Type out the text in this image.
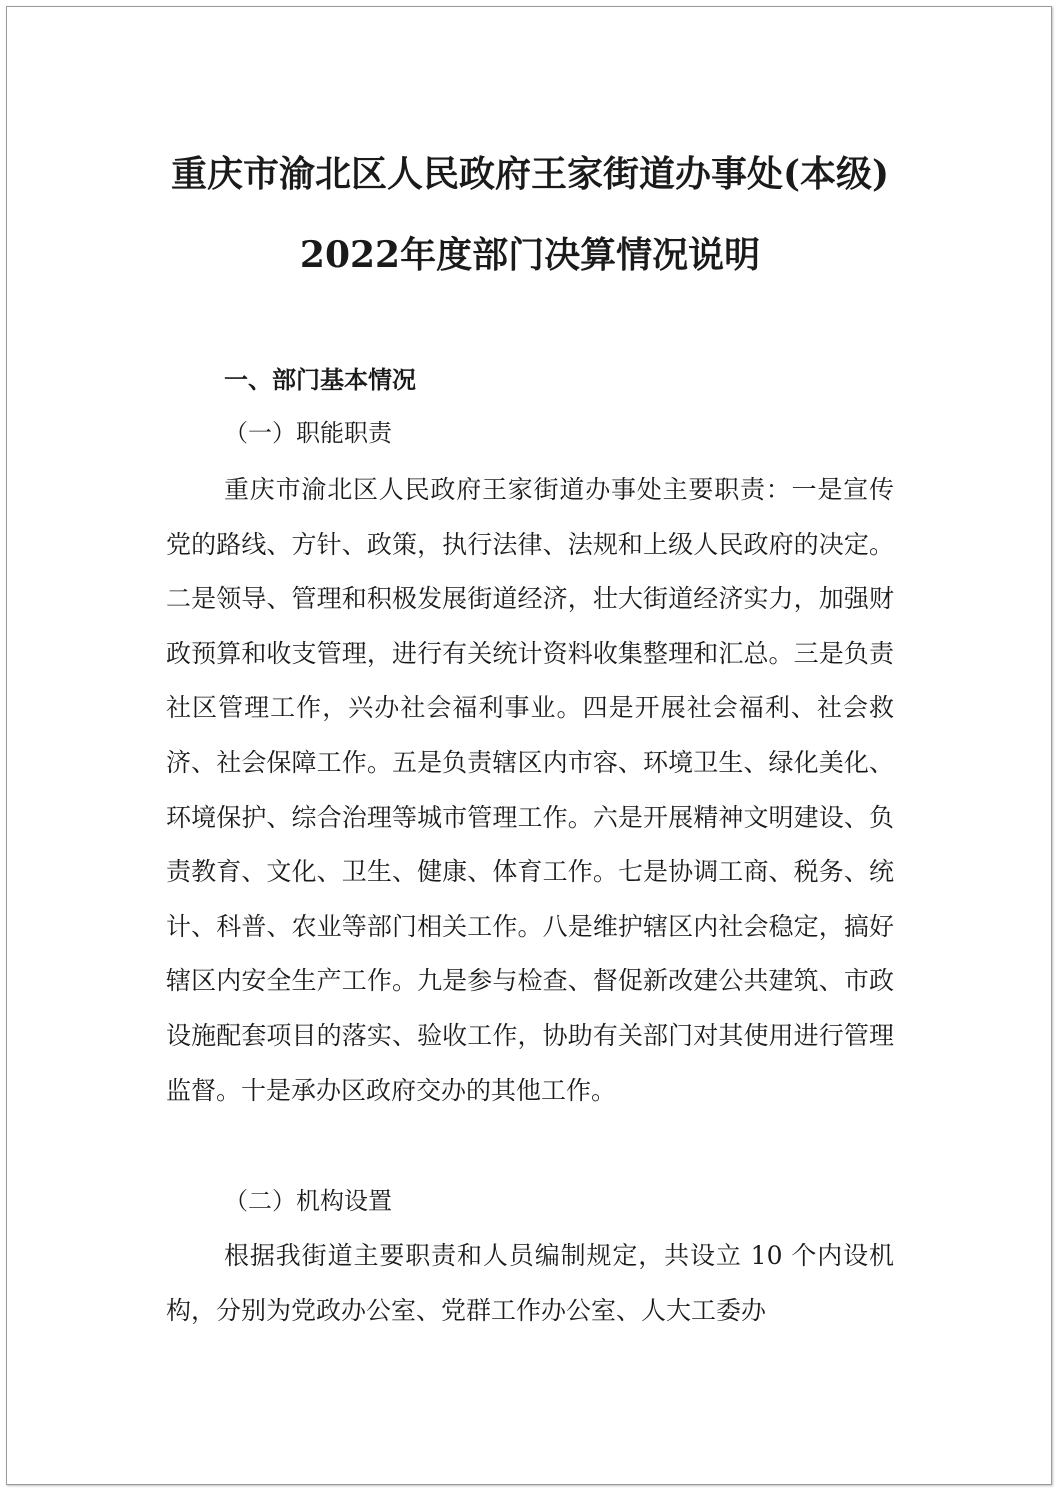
重庆市渝北区人民政府王家街道办事处(本级)
2022年度部门决算情况说明
一、部门基本情况
（一）职能职责

重庆市渝北区人民政府王家街道办事处主要职责：一是宣传党的路线、方针、政策，执行法律、法规和上级人民政府的决定。二是领导、管理和积极发展街道经济，壮大街道经济实力，加强财政预算和收支管理，进行有关统计资料收集整理和汇总。三是负责社区管理工作，兴办社会福利事业。四是开展社会福利、社会救济、社会保障工作。五是负责辖区内市容、环境卫生、绿化美化、环境保护、综合治理等城市管理工作。六是开展精神文明建设、负责教育、文化、卫生、健康、体育工作。七是协调工商、税务、统计、科普、农业等部门相关工作。八是维护辖区内社会稳定，搞好辖区内安全生产工作。九是参与检查、督促新改建公共建筑、市政设施配套项目的落实、验收工作，协助有关部门对其使用进行管理监督。十是承办区政府交办的其他工作。

（二）机构设置

根据我街道主要职责和人员编制规定，共设立 10 个内设机构，分别为党政办公室、党群工作办公室、人大工委办
